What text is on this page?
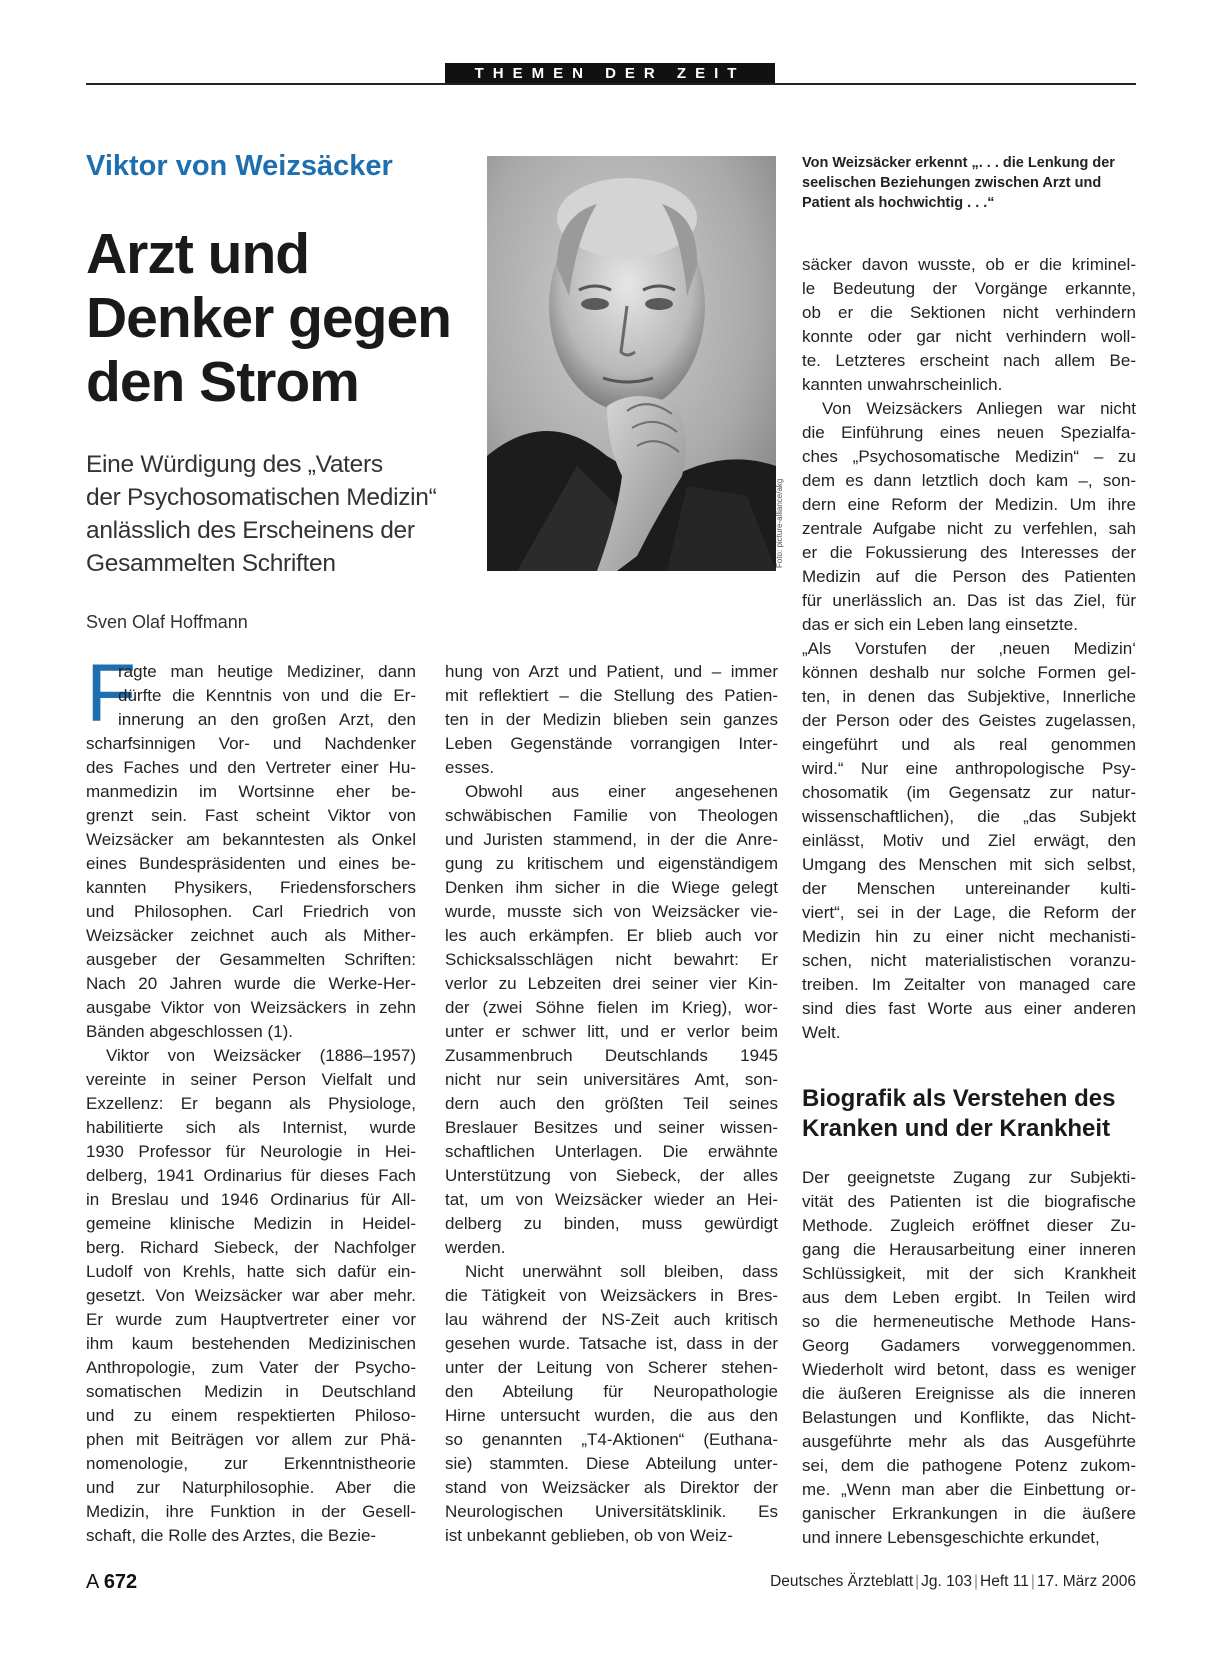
THEMEN DER ZEIT
Viktor von Weizsäcker
Arzt und
Denker gegen
den Strom
Eine Würdigung des „Vaters
der Psychosomatischen Medizin“
anlässlich des Erscheinens der
Gesammelten Schriften
Sven Olaf Hoffmann
Foto: picture-alliance/akg
Von Weizsäcker erkennt „. . . die Lenkung der
seelischen Beziehungen zwischen Arzt und
Patient als hochwichtig . . .“
F
ragte man heutige Mediziner, dann
dürfte die Kenntnis von und die Er-
innerung an den großen Arzt, den
scharfsinnigen Vor- und Nachdenker
des Faches und den Vertreter einer Hu-
manmedizin im Wortsinne eher be-
grenzt sein. Fast scheint Viktor von
Weizsäcker am bekanntesten als Onkel
eines Bundespräsidenten und eines be-
kannten Physikers, Friedensforschers
und Philosophen. Carl Friedrich von
Weizsäcker zeichnet auch als Mither-
ausgeber der Gesammelten Schriften:
Nach 20 Jahren wurde die Werke-Her-
ausgabe Viktor von Weizsäckers in zehn
Bänden abgeschlossen (1).
Viktor von Weizsäcker (1886–1957)
vereinte in seiner Person Vielfalt und
Exzellenz: Er begann als Physiologe,
habilitierte sich als Internist, wurde
1930 Professor für Neurologie in Hei-
delberg, 1941 Ordinarius für dieses Fach
in Breslau und 1946 Ordinarius für All-
gemeine klinische Medizin in Heidel-
berg. Richard Siebeck, der Nachfolger
Ludolf von Krehls, hatte sich dafür ein-
gesetzt. Von Weizsäcker war aber mehr.
Er wurde zum Hauptvertreter einer vor
ihm kaum bestehenden Medizinischen
Anthropologie, zum Vater der Psycho-
somatischen Medizin in Deutschland
und zu einem respektierten Philoso-
phen mit Beiträgen vor allem zur Phä-
nomenologie, zur Erkenntnistheorie
und zur Naturphilosophie. Aber die
Medizin, ihre Funktion in der Gesell-
schaft, die Rolle des Arztes, die Bezie-
hung von Arzt und Patient, und – immer
mit reflektiert – die Stellung des Patien-
ten in der Medizin blieben sein ganzes
Leben Gegenstände vorrangigen Inter-
esses.
Obwohl aus einer angesehenen
schwäbischen Familie von Theologen
und Juristen stammend, in der die Anre-
gung zu kritischem und eigenständigem
Denken ihm sicher in die Wiege gelegt
wurde, musste sich von Weizsäcker vie-
les auch erkämpfen. Er blieb auch vor
Schicksalsschlägen nicht bewahrt: Er
verlor zu Lebzeiten drei seiner vier Kin-
der (zwei Söhne fielen im Krieg), wor-
unter er schwer litt, und er verlor beim
Zusammenbruch Deutschlands 1945
nicht nur sein universitäres Amt, son-
dern auch den größten Teil seines
Breslauer Besitzes und seiner wissen-
schaftlichen Unterlagen. Die erwähnte
Unterstützung von Siebeck, der alles
tat, um von Weizsäcker wieder an Hei-
delberg zu binden, muss gewürdigt
werden.
Nicht unerwähnt soll bleiben, dass
die Tätigkeit von Weizsäckers in Bres-
lau während der NS-Zeit auch kritisch
gesehen wurde. Tatsache ist, dass in der
unter der Leitung von Scherer stehen-
den Abteilung für Neuropathologie
Hirne untersucht wurden, die aus den
so genannten „T4-Aktionen“ (Euthana-
sie) stammten. Diese Abteilung unter-
stand von Weizsäcker als Direktor der
Neurologischen Universitätsklinik. Es
ist unbekannt geblieben, ob von Weiz-
säcker davon wusste, ob er die kriminel-
le Bedeutung der Vorgänge erkannte,
ob er die Sektionen nicht verhindern
konnte oder gar nicht verhindern woll-
te. Letzteres erscheint nach allem Be-
kannten unwahrscheinlich.
Von Weizsäckers Anliegen war nicht
die Einführung eines neuen Spezialfa-
ches „Psychosomatische Medizin“ – zu
dem es dann letztlich doch kam –, son-
dern eine Reform der Medizin. Um ihre
zentrale Aufgabe nicht zu verfehlen, sah
er die Fokussierung des Interesses der
Medizin auf die Person des Patienten
für unerlässlich an. Das ist das Ziel, für
das er sich ein Leben lang einsetzte.
„Als Vorstufen der ‚neuen Medizin‘
können deshalb nur solche Formen gel-
ten, in denen das Subjektive, Innerliche
der Person oder des Geistes zugelassen,
eingeführt und als real genommen
wird.“ Nur eine anthropologische Psy-
chosomatik (im Gegensatz zur natur-
wissenschaftlichen), die „das Subjekt
einlässt, Motiv und Ziel erwägt, den
Umgang des Menschen mit sich selbst,
der Menschen untereinander kulti-
viert“, sei in der Lage, die Reform der
Medizin hin zu einer nicht mechanisti-
schen, nicht materialistischen voranzu-
treiben. Im Zeitalter von managed care
sind dies fast Worte aus einer anderen
Welt.
Biografik als Verstehen des
Kranken und der Krankheit
Der geeignetste Zugang zur Subjekti-
vität des Patienten ist die biografische
Methode. Zugleich eröffnet dieser Zu-
gang die Herausarbeitung einer inneren
Schlüssigkeit, mit der sich Krankheit
aus dem Leben ergibt. In Teilen wird
so die hermeneutische Methode Hans-
Georg Gadamers vorweggenommen.
Wiederholt wird betont, dass es weniger
die äußeren Ereignisse als die inneren
Belastungen und Konflikte, das Nicht-
ausgeführte mehr als das Ausgeführte
sei, dem die pathogene Potenz zukom-
me. „Wenn man aber die Einbettung or-
ganischer Erkrankungen in die äußere
und innere Lebensgeschichte erkundet,
A 672	Deutsches Ärzteblatt | Jg. 103 | Heft 11 | 17. März 2006
